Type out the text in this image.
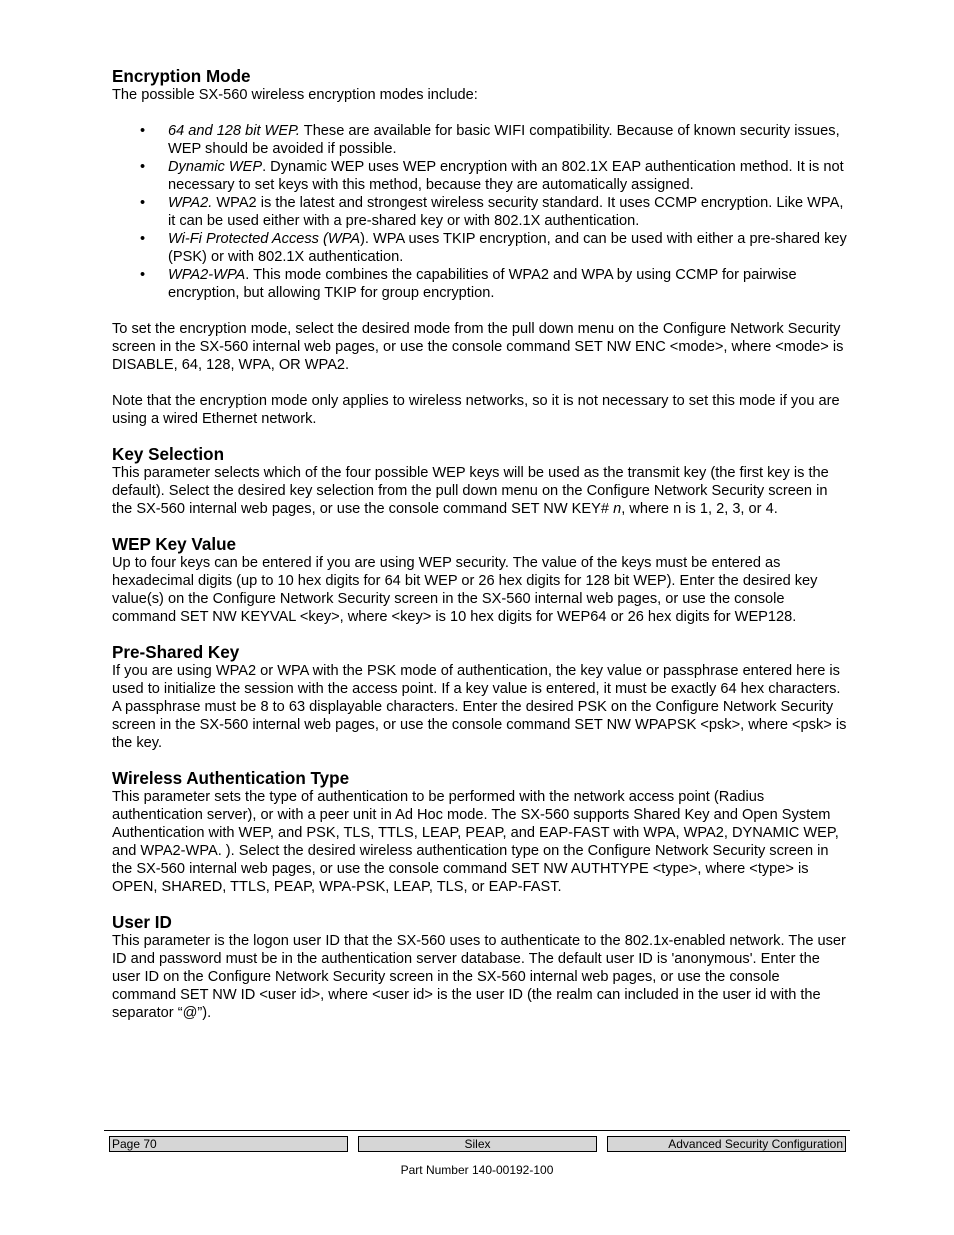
Encryption Mode

The possible SX-560 wireless encryption modes include:

• 64 and 128 bit WEP. These are available for basic WIFI compatibility. Because of known security issues, WEP should be avoided if possible.
• Dynamic WEP. Dynamic WEP uses WEP encryption with an 802.1X EAP authentication method. It is not necessary to set keys with this method, because they are automatically assigned.
• WPA2. WPA2 is the latest and strongest wireless security standard. It uses CCMP encryption. Like WPA, it can be used either with a pre-shared key or with 802.1X authentication.
• Wi-Fi Protected Access (WPA). WPA uses TKIP encryption, and can be used with either a pre-shared key (PSK) or with 802.1X authentication.
• WPA2-WPA. This mode combines the capabilities of WPA2 and WPA by using CCMP for pairwise encryption, but allowing TKIP for group encryption.

To set the encryption mode, select the desired mode from the pull down menu on the Configure Network Security screen in the SX-560 internal web pages, or use the console command SET NW ENC <mode>, where <mode> is DISABLE, 64, 128, WPA, OR WPA2.

Note that the encryption mode only applies to wireless networks, so it is not necessary to set this mode if you are using a wired Ethernet network.

Key Selection

This parameter selects which of the four possible WEP keys will be used as the transmit key (the first key is the default). Select the desired key selection from the pull down menu on the Configure Network Security screen in the SX-560 internal web pages, or use the console command SET NW KEY# n, where n is 1, 2, 3, or 4.

WEP Key Value

Up to four keys can be entered if you are using WEP security. The value of the keys must be entered as hexadecimal digits (up to 10 hex digits for 64 bit WEP or 26 hex digits for 128 bit WEP). Enter the desired key value(s) on the Configure Network Security screen in the SX-560 internal web pages, or use the console command SET NW KEYVAL <key>, where <key> is 10 hex digits for WEP64 or 26 hex digits for WEP128.

Pre-Shared Key

If you are using WPA2 or WPA with the PSK mode of authentication, the key value or passphrase entered here is used to initialize the session with the access point. If a key value is entered, it must be exactly 64 hex characters. A passphrase must be 8 to 63 displayable characters. Enter the desired PSK on the Configure Network Security screen in the SX-560 internal web pages, or use the console command SET NW WPAPSK <psk>, where <psk> is the key.

Wireless Authentication Type

This parameter sets the type of authentication to be performed with the network access point (Radius authentication server), or with a peer unit in Ad Hoc mode. The SX-560 supports Shared Key and Open System Authentication with WEP, and PSK, TLS, TTLS, LEAP, PEAP, and EAP-FAST with WPA, WPA2, DYNAMIC WEP, and WPA2-WPA. ). Select the desired wireless authentication type on the Configure Network Security screen in the SX-560 internal web pages, or use the console command SET NW AUTHTYPE <type>, where <type> is OPEN, SHARED, TTLS, PEAP, WPA-PSK, LEAP, TLS, or EAP-FAST.

User ID

This parameter is the logon user ID that the SX-560 uses to authenticate to the 802.1x-enabled network. The user ID and password must be in the authentication server database. The default user ID is 'anonymous'. Enter the user ID on the Configure Network Security screen in the SX-560 internal web pages, or use the console command SET NW ID <user id>, where <user id> is the user ID (the realm can included in the user id with the separator “@”).

Page 70	Silex	Advanced Security Configuration
Part Number 140-00192-100
